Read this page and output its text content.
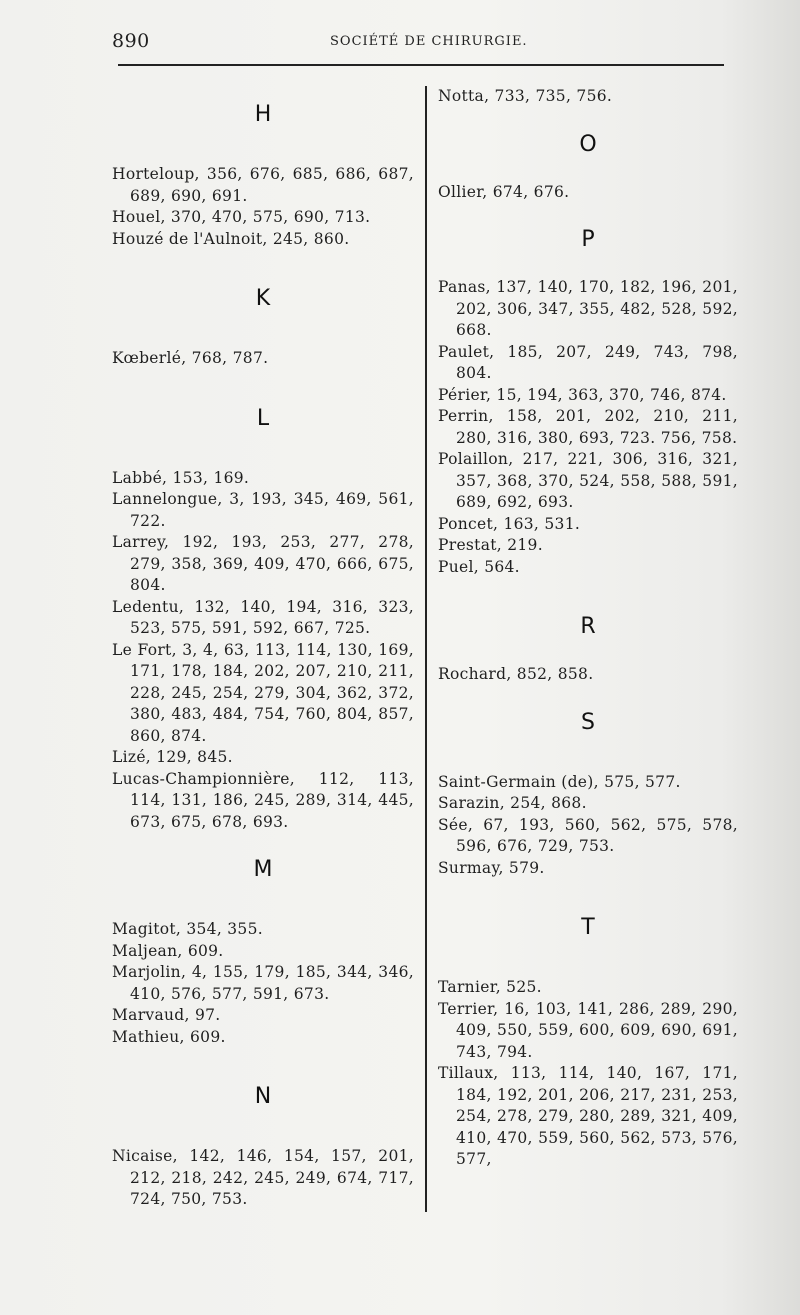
890	SOCIÉTÉ DE CHIRURGIE.
H
Horteloup, 356, 676, 685, 686, 687, 689, 690, 691.
Houel, 370, 470, 575, 690, 713.
Houzé de l'Aulnoit, 245, 860.
K
Kœberlé, 768, 787.
L
Labbé, 153, 169.
Lannelongue, 3, 193, 345, 469, 561, 722.
Larrey, 192, 193, 253, 277, 278, 279, 358, 369, 409, 470, 666, 675, 804.
Ledentu, 132, 140, 194, 316, 323, 523, 575, 591, 592, 667, 725.
Le Fort, 3, 4, 63, 113, 114, 130, 169, 171, 178, 184, 202, 207, 210, 211, 228, 245, 254, 279, 304, 362, 372, 380, 483, 484, 754, 760, 804, 857, 860, 874.
Lizé, 129, 845.
Lucas-Championnière, 112, 113, 114, 131, 186, 245, 289, 314, 445, 673, 675, 678, 693.
M
Magitot, 354, 355.
Maljean, 609.
Marjolin, 4, 155, 179, 185, 344, 346, 410, 576, 577, 591, 673.
Marvaud, 97.
Mathieu, 609.
N
Nicaise, 142, 146, 154, 157, 201, 212, 218, 242, 245, 249, 674, 717, 724, 750, 753.
Notta, 733, 735, 756.
O
Ollier, 674, 676.
P
Panas, 137, 140, 170, 182, 196, 201, 202, 306, 347, 355, 482, 528, 592, 668.
Paulet, 185, 207, 249, 743, 798, 804.
Périer, 15, 194, 363, 370, 746, 874.
Perrin, 158, 201, 202, 210, 211, 280, 316, 380, 693, 723. 756, 758.
Polaillon, 217, 221, 306, 316, 321, 357, 368, 370, 524, 558, 588, 591, 689, 692, 693.
Poncet, 163, 531.
Prestat, 219.
Puel, 564.
R
Rochard, 852, 858.
S
Saint-Germain (de), 575, 577.
Sarazin, 254, 868.
Sée, 67, 193, 560, 562, 575, 578, 596, 676, 729, 753.
Surmay, 579.
T
Tarnier, 525.
Terrier, 16, 103, 141, 286, 289, 290, 409, 550, 559, 600, 609, 690, 691, 743, 794.
Tillaux, 113, 114, 140, 167, 171, 184, 192, 201, 206, 217, 231, 253, 254, 278, 279, 280, 289, 321, 409, 410, 470, 559, 560, 562, 573, 576, 577,
